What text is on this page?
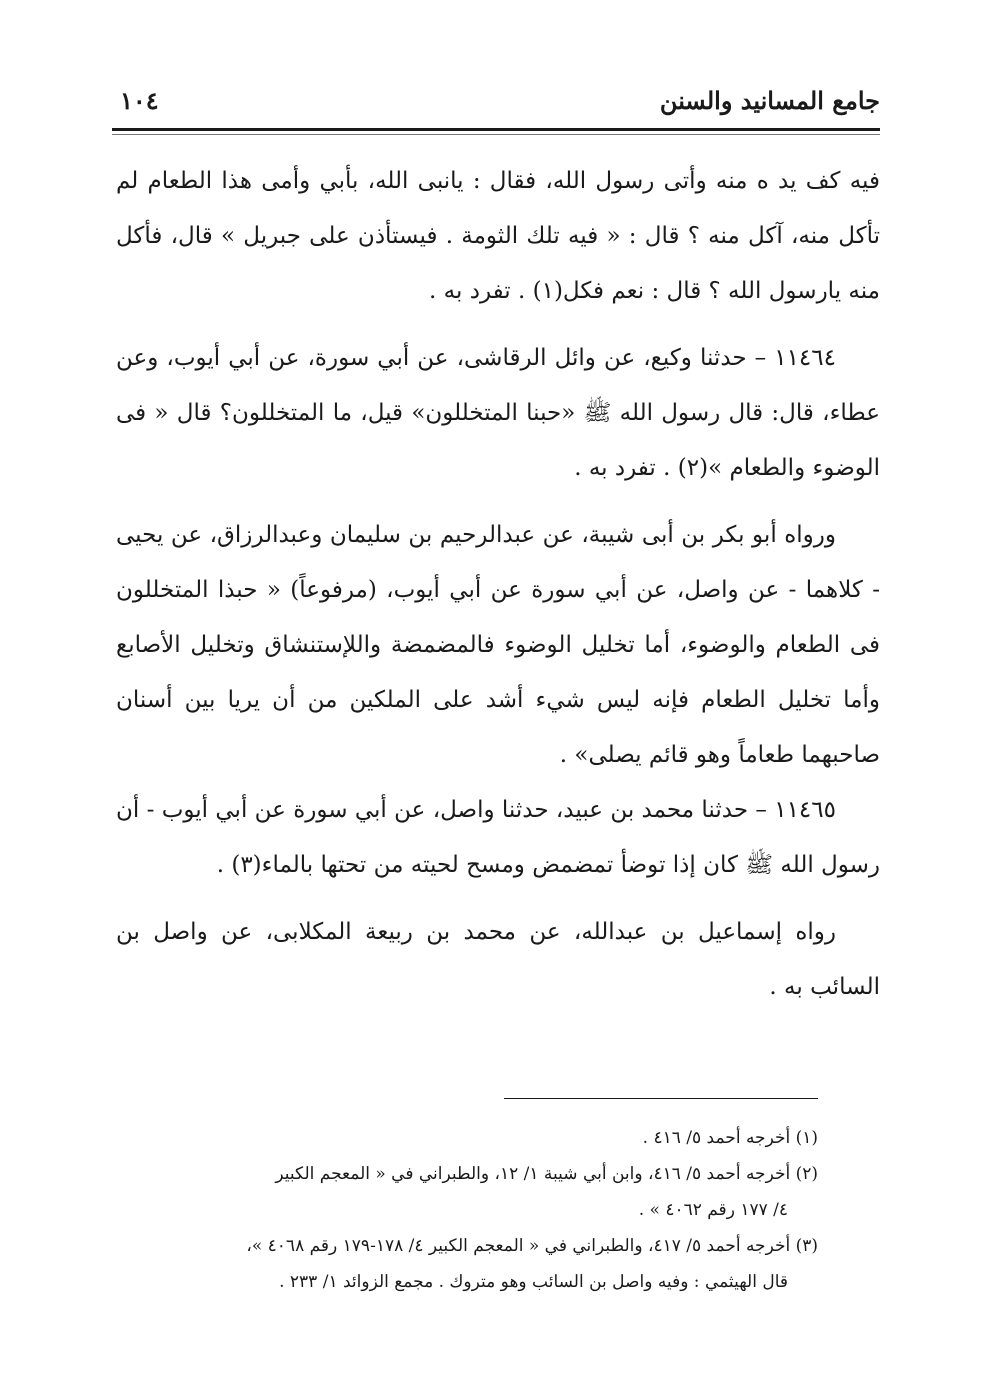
جامع المسانيد والسنن
١٠٤

فيه كف يد ه منه وأتى رسول الله، فقال : يانبى الله، بأبي وأمى هذا الطعام لم تأكل منه، آكل منه ؟ قال : « فيه تلك الثومة . فيستأذن على جبريل » قال، فأكل منه يارسول الله ؟ قال : نعم فكل(١) . تفرد به .

١١٤٦٤ – حدثنا وكيع، عن وائل الرقاشى، عن أبي سورة، عن أبي أيوب، وعن عطاء، قال: قال رسول الله ﷺ «حبنا المتخللون» قيل، ما المتخللون؟ قال « فى الوضوء والطعام »(٢) . تفرد به .

ورواه أبو بكر بن أبى شيبة، عن عبدالرحيم بن سليمان وعبدالرزاق، عن يحيى - كلاهما - عن واصل، عن أبي سورة عن أبي أيوب، (مرفوعاً) « حبذا المتخللون فى الطعام والوضوء، أما تخليل الوضوء فالمضمضة واللإستنشاق وتخليل الأصابع وأما تخليل الطعام فإنه ليس شيء أشد على الملكين من أن يريا بين أسنان صاحبهما طعاماً وهو قائم يصلى» .

١١٤٦٥ – حدثنا محمد بن عبيد، حدثنا واصل، عن أبي سورة عن أبي أيوب - أن رسول الله ﷺ كان إذا توضأ تمضمض ومسح لحيته من تحتها بالماء(٣) .

رواه إسماعيل بن عبدالله، عن محمد بن ربيعة المكلابى، عن واصل بن السائب به .

(١) أخرجه أحمد ٥/ ٤١٦ .

(٢) أخرجه أحمد ٥/ ٤١٦، وابن أبي شيبة ١/ ١٢، والطبراني في « المعجم الكبير

٤/ ١٧٧ رقم ٤٠٦٢ » .

(٣) أخرجه أحمد ٥/ ٤١٧، والطبراني في « المعجم الكبير ٤/ ١٧٨-١٧٩ رقم ٤٠٦٨ »،

قال الهيثمي : وفيه واصل بن السائب وهو متروك . مجمع الزوائد ١/ ٢٣٣ .
